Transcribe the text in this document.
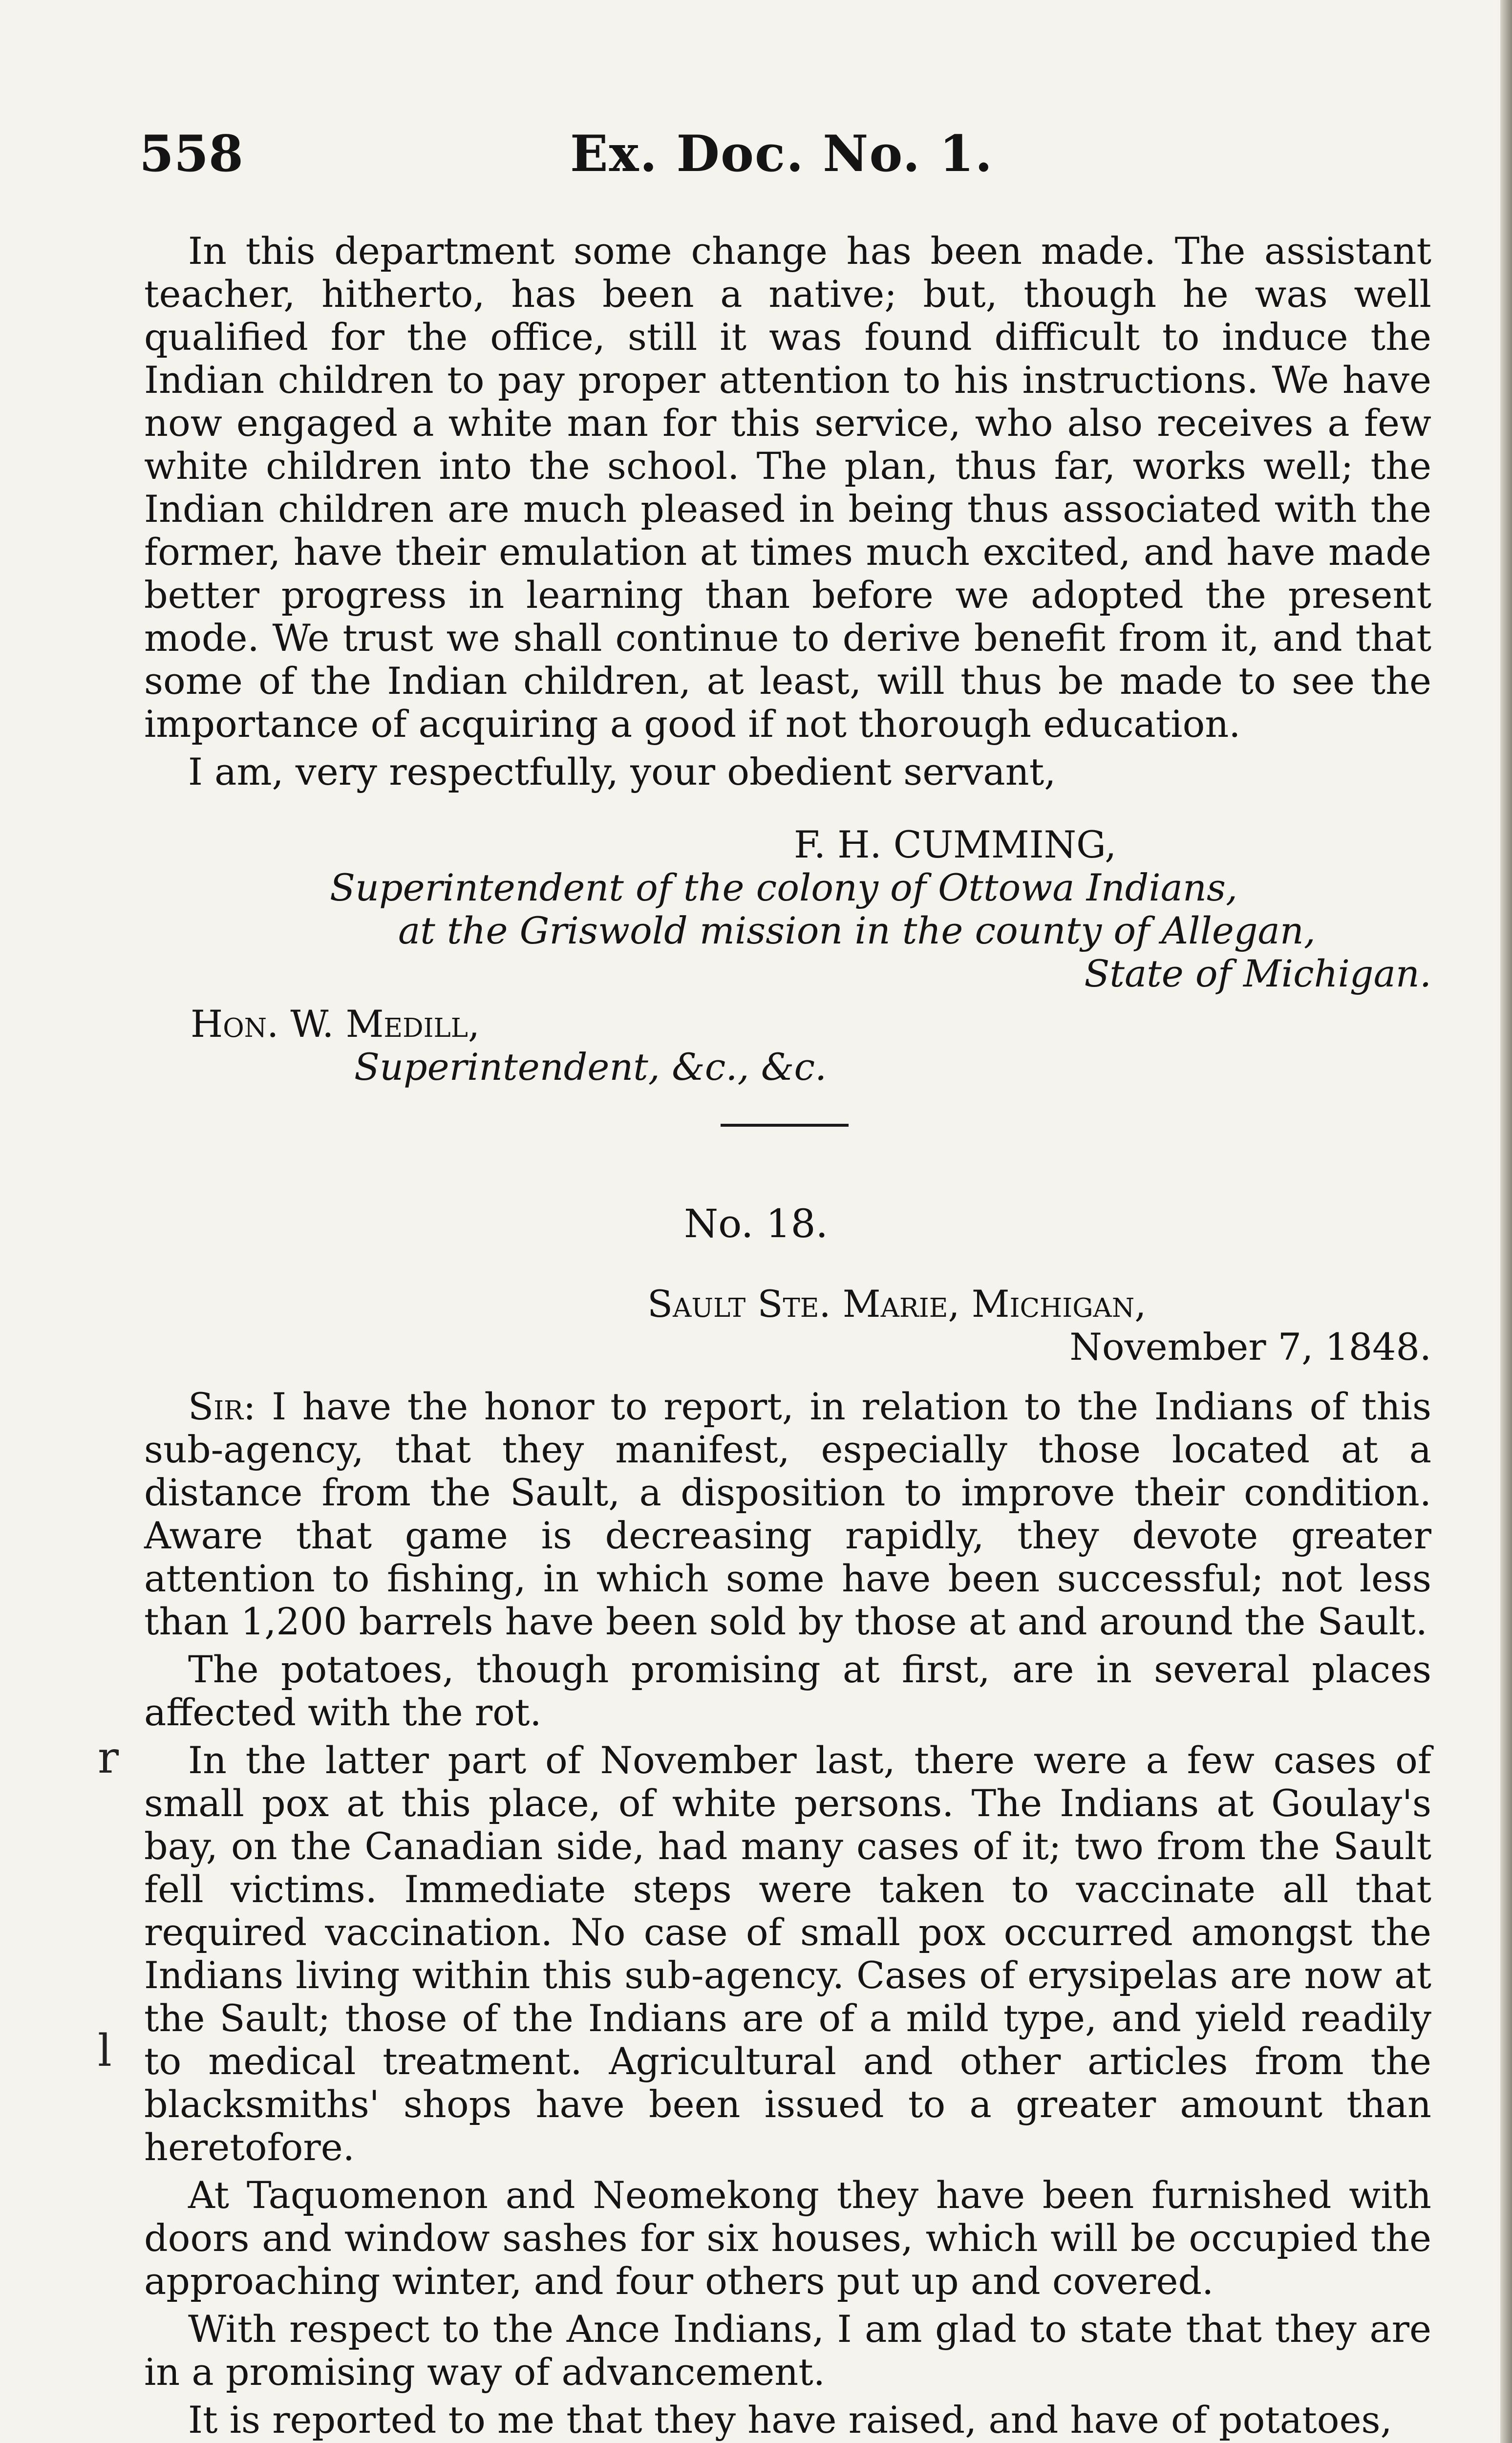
558	Ex. Doc. No. 1.

In this department some change has been made. The assistant teacher, hitherto, has been a native; but, though he was well qualified for the office, still it was found difficult to induce the Indian children to pay proper attention to his instructions. We have now engaged a white man for this service, who also receives a few white children into the school. The plan, thus far, works well; the Indian children are much pleased in being thus associated with the former, have their emulation at times much excited, and have made better progress in learning than before we adopted the present mode. We trust we shall continue to derive benefit from it, and that some of the Indian children, at least, will thus be made to see the importance of acquiring a good if not thorough education.

I am, very respectfully, your obedient servant,

F. H. CUMMING,
Superintendent of the colony of Ottowa Indians,
at the Griswold mission in the county of Allegan,
State of Michigan.
Hon. W. Medill,
Superintendent, &c., &c.
No. 18.
Sault Ste. Marie, Michigan,
November 7, 1848.

Sir: I have the honor to report, in relation to the Indians of this sub-agency, that they manifest, especially those located at a distance from the Sault, a disposition to improve their condition. Aware that game is decreasing rapidly, they devote greater attention to fishing, in which some have been successful; not less than 1,200 barrels have been sold by those at and around the Sault.

The potatoes, though promising at first, are in several places affected with the rot.

In the latter part of November last, there were a few cases of small pox at this place, of white persons. The Indians at Goulay's bay, on the Canadian side, had many cases of it; two from the Sault fell victims. Immediate steps were taken to vaccinate all that required vaccination. No case of small pox occurred amongst the Indians living within this sub-agency. Cases of erysipelas are now at the Sault; those of the Indians are of a mild type, and yield readily to medical treatment. Agricultural and other articles from the blacksmiths' shops have been issued to a greater amount than heretofore.

At Taquomenon and Neomekong they have been furnished with doors and window sashes for six houses, which will be occupied the approaching winter, and four others put up and covered.

With respect to the Ance Indians, I am glad to state that they are in a promising way of advancement.

It is reported to me that they have raised, and have of potatoes,

r
l
